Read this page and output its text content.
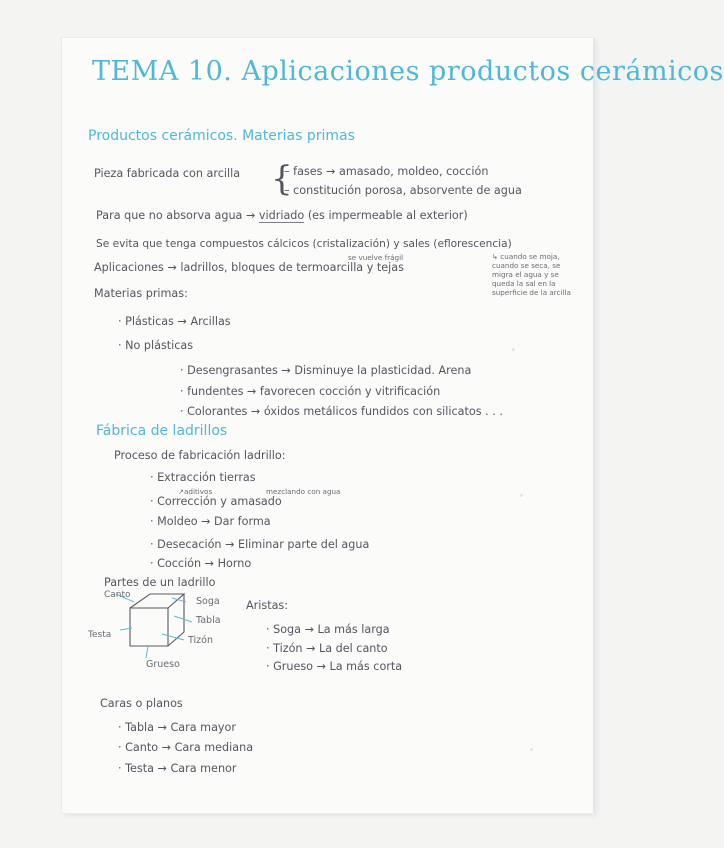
TEMA 10. Aplicaciones productos cerámicos
Productos cerámicos. Materias primas
Pieza fabricada con arcilla {
– fases → amasado, moldeo, cocción
– constitución porosa, absorvente de agua
Para que no absorva agua → vidriado (es impermeable al exterior)
Se evita que tenga compuestos cálcicos (cristalización) y sales (eflorescencia)
se vuelve frágil	↳ cuando se moja,
cuando se seca, se
migra el agua y se
queda la sal en la
superficie de la arcilla
Aplicaciones → ladrillos, bloques de termoarcilla y tejas
Materias primas:
· Plásticas → Arcillas
· No plásticas
· Desengrasantes → Disminuye la plasticidad. Arena
· fundentes → favorecen cocción y vitrificación
· Colorantes → óxidos metálicos fundidos con silicatos . . .
Fábrica de ladrillos
Proceso de fabricación ladrillo:
· Extracción tierras
↗aditivos	mezclando con agua
· Corrección y amasado
· Moldeo → Dar forma
· Desecación → Eliminar parte del agua
· Cocción → Horno
Partes de un ladrillo
Canto
Soga
Tabla
Tizón
Testa
Grueso
Aristas:
· Soga → La más larga
· Tizón → La del canto
· Grueso → La más corta
Caras o planos
· Tabla → Cara mayor
· Canto → Cara mediana
· Testa → Cara menor
